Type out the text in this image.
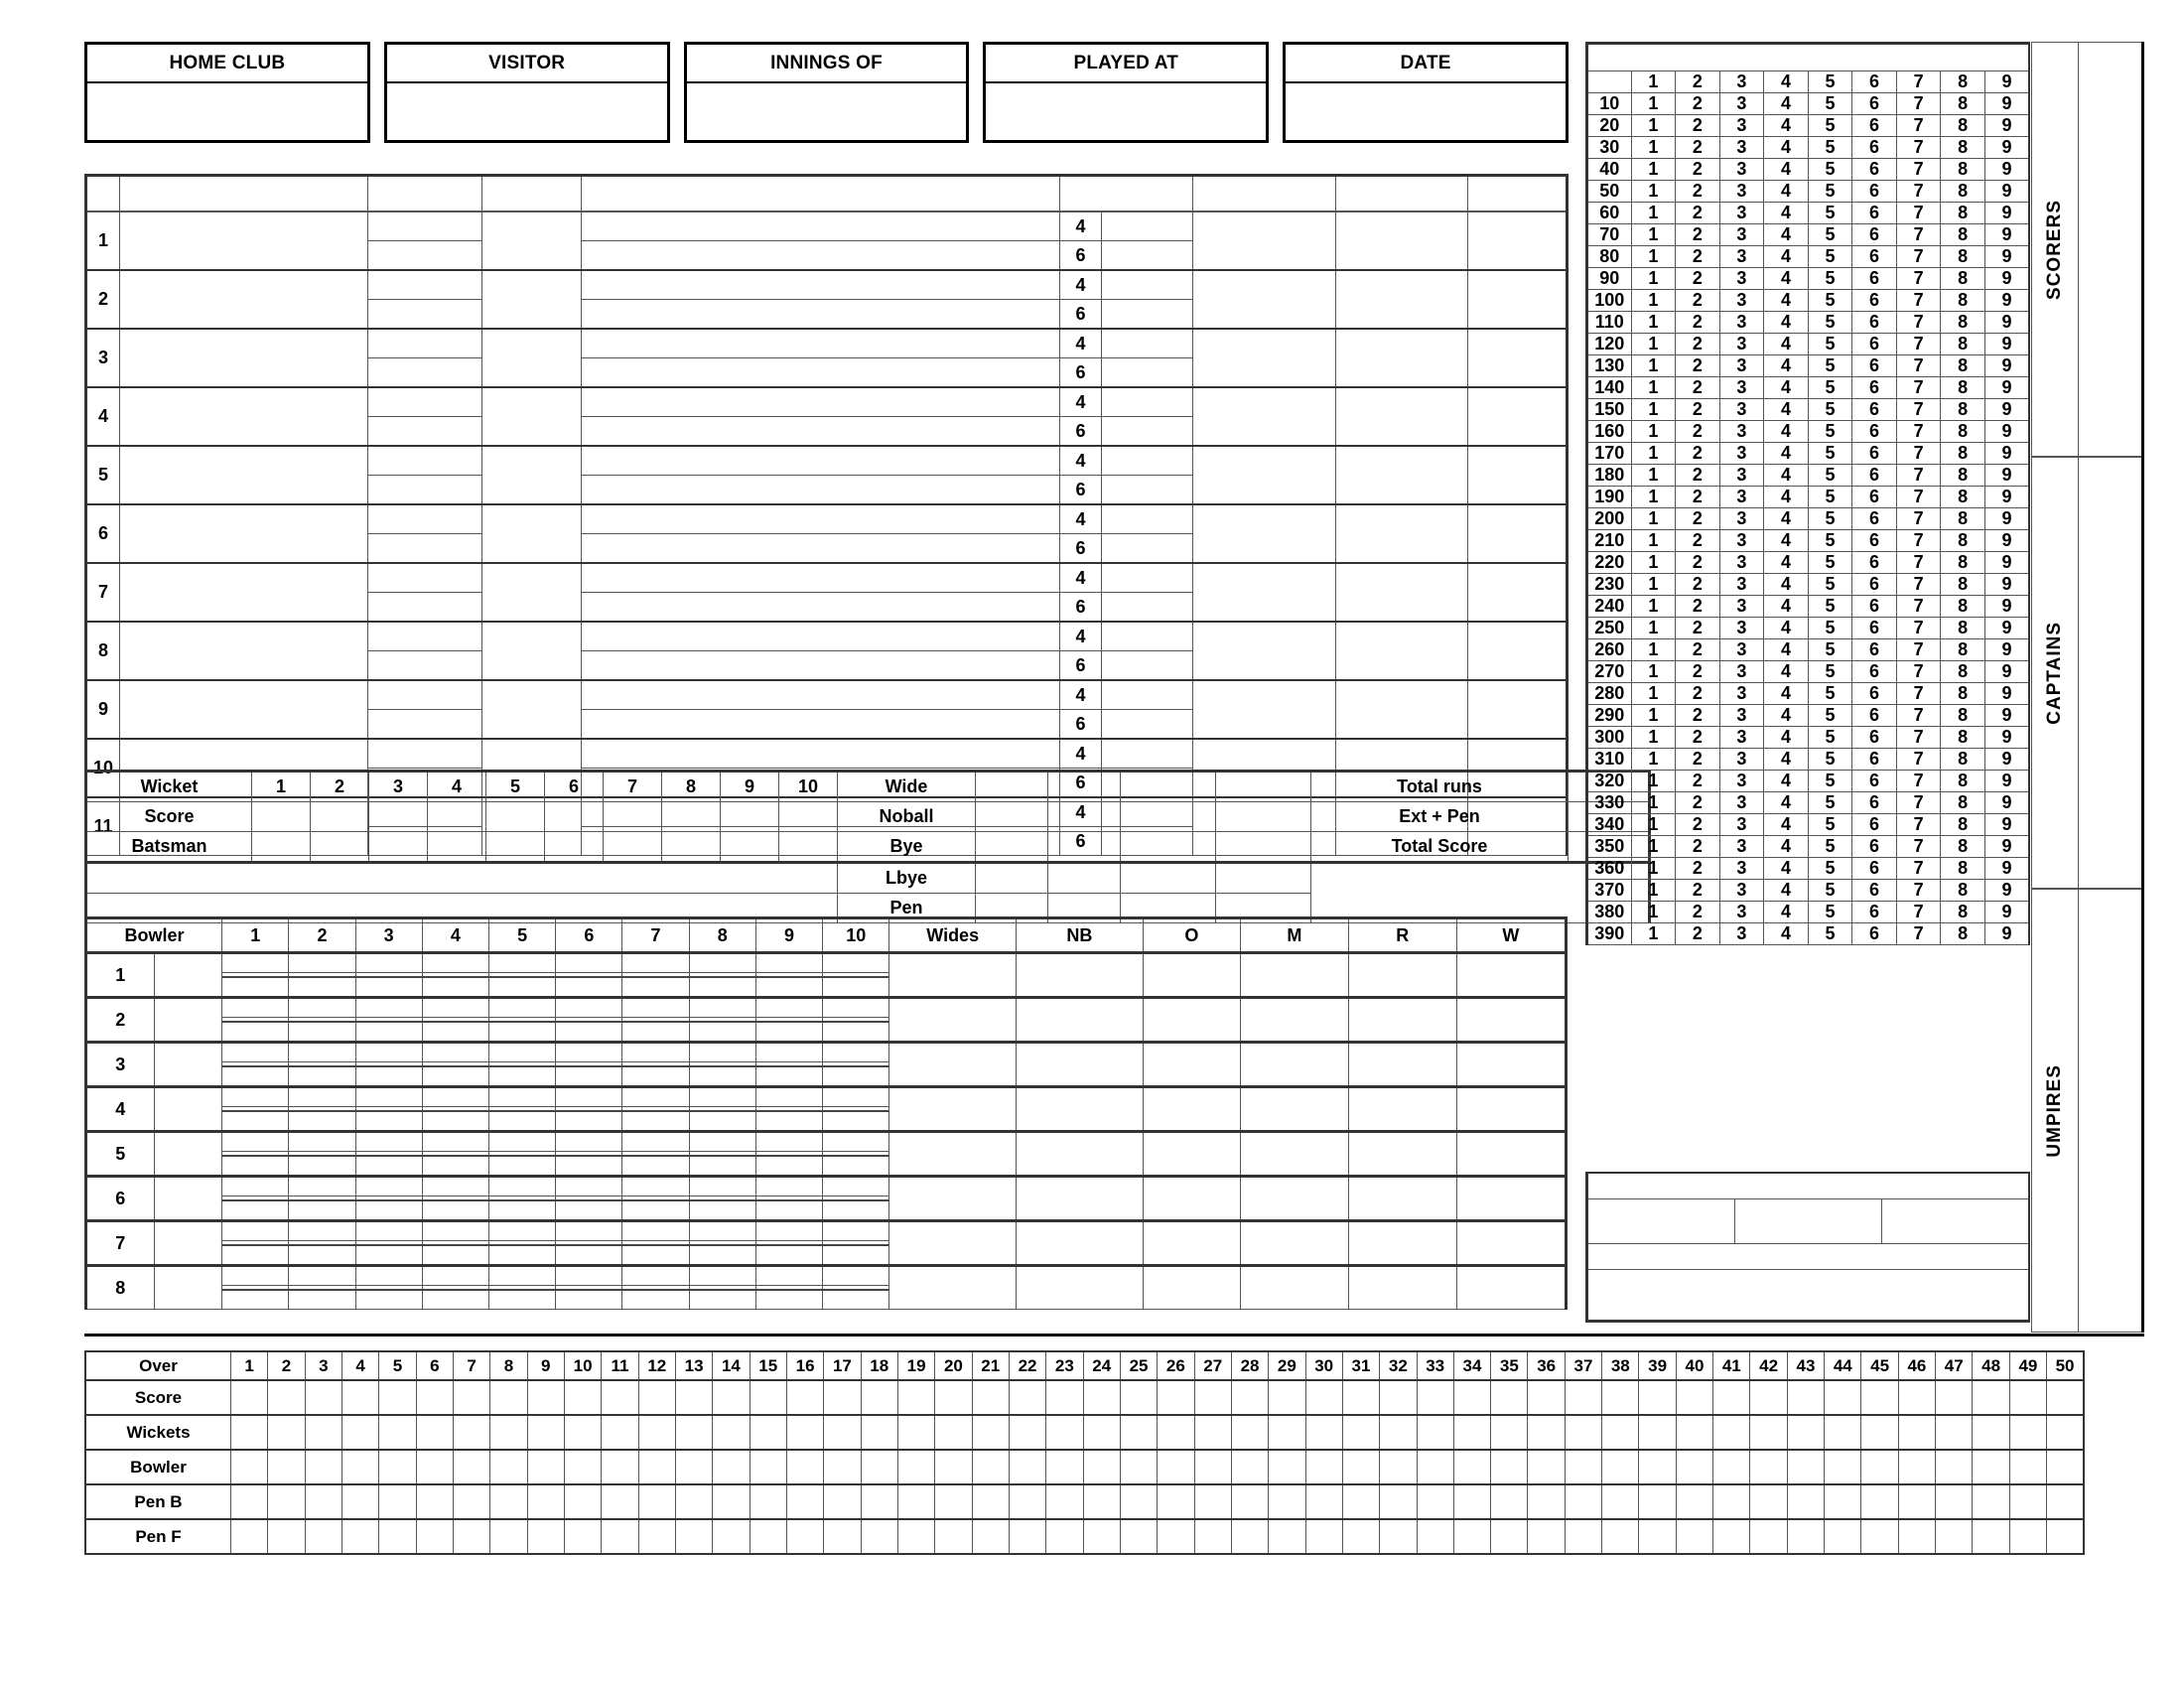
HOME CLUB	VISITOR	INNINGS OF	PLAYED AT	DATE

1					4				
					6				
2					4				
					6				
3					4				
					6				
4					4				
					6				
5					4				
					6				
6					4				
					6				
7					4				
					6				
8					4				
					6				
9					4				
					6				
10					4				
					6				
11					4				
					6				
Wicket	1	2	3	4	5	6	7	8	9	10	Wide					Total runs	
Score											Noball					Ext + Pen	
Batsman											Bye					Total Score	
											Lbye						
											Pen						
Bowler		1	2	3	4	5	6	7	8	9	10	Wides	NB	O	M	R	W
1																	

2																	

3																	

4																	

5																	

6																	

7																	

8																	

	1	2	3	4	5	6	7	8	9
10	1	2	3	4	5	6	7	8	9
20	1	2	3	4	5	6	7	8	9
30	1	2	3	4	5	6	7	8	9
40	1	2	3	4	5	6	7	8	9
50	1	2	3	4	5	6	7	8	9
60	1	2	3	4	5	6	7	8	9
70	1	2	3	4	5	6	7	8	9
80	1	2	3	4	5	6	7	8	9
90	1	2	3	4	5	6	7	8	9
100	1	2	3	4	5	6	7	8	9
110	1	2	3	4	5	6	7	8	9
120	1	2	3	4	5	6	7	8	9
130	1	2	3	4	5	6	7	8	9
140	1	2	3	4	5	6	7	8	9
150	1	2	3	4	5	6	7	8	9
160	1	2	3	4	5	6	7	8	9
170	1	2	3	4	5	6	7	8	9
180	1	2	3	4	5	6	7	8	9
190	1	2	3	4	5	6	7	8	9
200	1	2	3	4	5	6	7	8	9
210	1	2	3	4	5	6	7	8	9
220	1	2	3	4	5	6	7	8	9
230	1	2	3	4	5	6	7	8	9
240	1	2	3	4	5	6	7	8	9
250	1	2	3	4	5	6	7	8	9
260	1	2	3	4	5	6	7	8	9
270	1	2	3	4	5	6	7	8	9
280	1	2	3	4	5	6	7	8	9
290	1	2	3	4	5	6	7	8	9
300	1	2	3	4	5	6	7	8	9
310	1	2	3	4	5	6	7	8	9
320	1	2	3	4	5	6	7	8	9
330	1	2	3	4	5	6	7	8	9
340	1	2	3	4	5	6	7	8	9
350	1	2	3	4	5	6	7	8	9
360	1	2	3	4	5	6	7	8	9
370	1	2	3	4	5	6	7	8	9
380	1	2	3	4	5	6	7	8	9
390	1	2	3	4	5	6	7	8	9

SCORERS
CAPTAINS
UMPIRES
Over	1	2	3	4	5	6	7	8	9	10	11	12	13	14	15	16	17	18	19	20	21	22	23	24	25	26	27	28	29	30	31	32	33	34	35	36	37	38	39	40	41	42	43	44	45	46	47	48	49	50
Score																																																		
Wickets																																																		
Bowler																																																		
Pen B																																																		
Pen F																																																		
